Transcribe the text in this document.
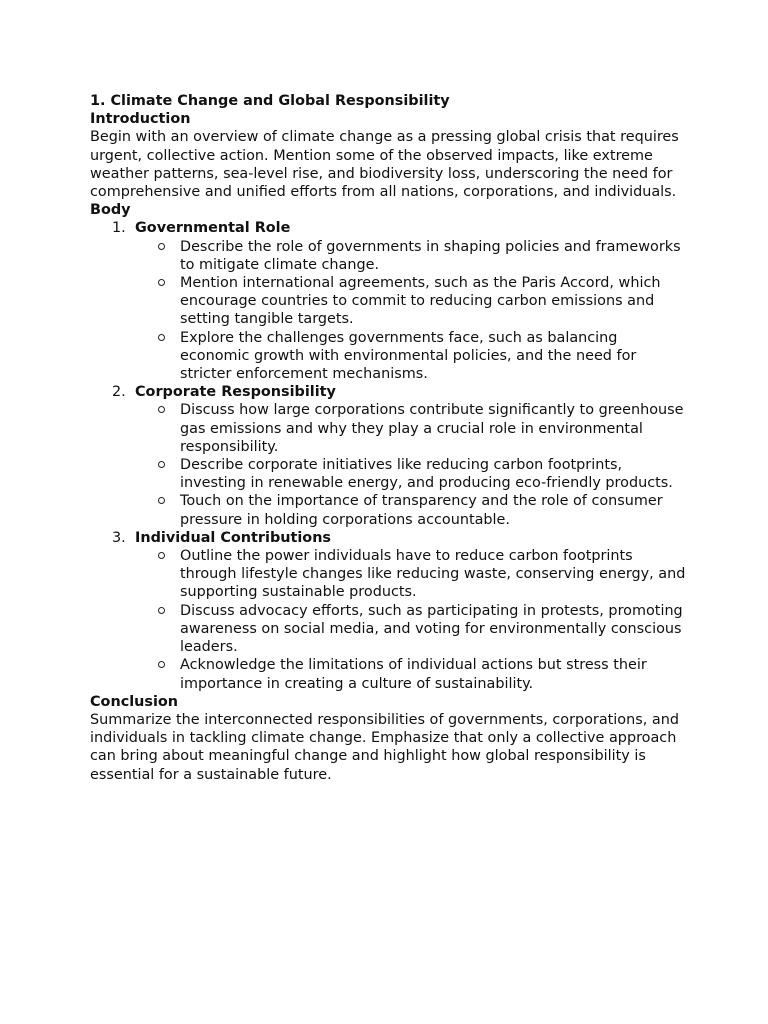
1. Climate Change and Global Responsibility

Introduction

Begin with an overview of climate change as a pressing global crisis that requires urgent, collective action. Mention some of the observed impacts, like extreme weather patterns, sea-level rise, and biodiversity loss, underscoring the need for comprehensive and unified efforts from all nations, corporations, and individuals.

Body

1. Governmental Role
Describe the role of governments in shaping policies and frameworks to mitigate climate change.
Mention international agreements, such as the Paris Accord, which encourage countries to commit to reducing carbon emissions and setting tangible targets.
Explore the challenges governments face, such as balancing economic growth with environmental policies, and the need for stricter enforcement mechanisms.
2. Corporate Responsibility
Discuss how large corporations contribute significantly to greenhouse gas emissions and why they play a crucial role in environmental responsibility.
Describe corporate initiatives like reducing carbon footprints, investing in renewable energy, and producing eco-friendly products.
Touch on the importance of transparency and the role of consumer pressure in holding corporations accountable.
3. Individual Contributions
Outline the power individuals have to reduce carbon footprints through lifestyle changes like reducing waste, conserving energy, and supporting sustainable products.
Discuss advocacy efforts, such as participating in protests, promoting awareness on social media, and voting for environmentally conscious leaders.
Acknowledge the limitations of individual actions but stress their importance in creating a culture of sustainability.

Conclusion

Summarize the interconnected responsibilities of governments, corporations, and individuals in tackling climate change. Emphasize that only a collective approach can bring about meaningful change and highlight how global responsibility is essential for a sustainable future.
